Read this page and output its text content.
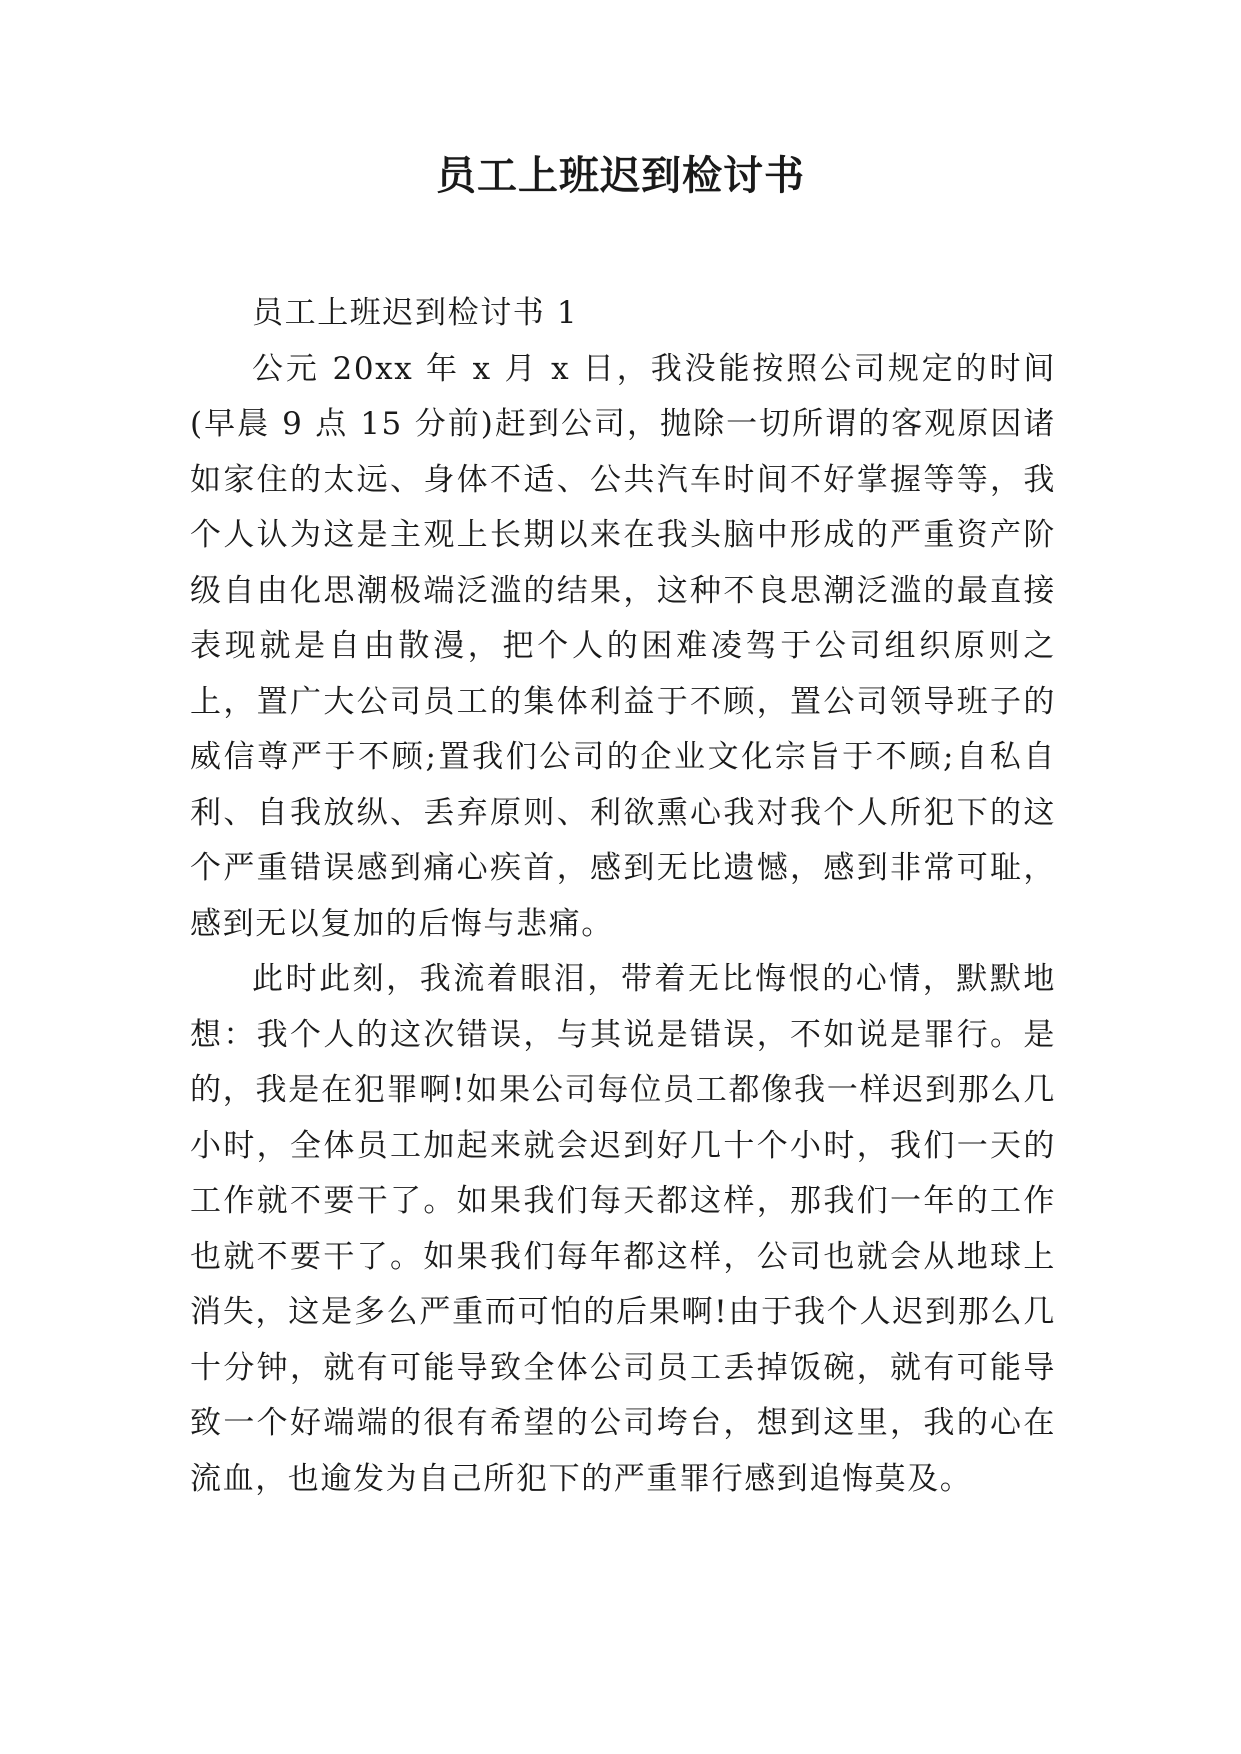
员工上班迟到检讨书

员工上班迟到检讨书 1

公元 20xx 年 x 月 x 日，我没能按照公司规定的时间(早晨 9 点 15 分前)赶到公司，抛除一切所谓的客观原因诸如家住的太远、身体不适、公共汽车时间不好掌握等等，我个人认为这是主观上长期以来在我头脑中形成的严重资产阶级自由化思潮极端泛滥的结果，这种不良思潮泛滥的最直接表现就是自由散漫，把个人的困难凌驾于公司组织原则之上，置广大公司员工的集体利益于不顾，置公司领导班子的威信尊严于不顾;置我们公司的企业文化宗旨于不顾;自私自利、自我放纵、丢弃原则、利欲熏心我对我个人所犯下的这个严重错误感到痛心疾首，感到无比遗憾，感到非常可耻，感到无以复加的后悔与悲痛。

此时此刻，我流着眼泪，带着无比悔恨的心情，默默地想：我个人的这次错误，与其说是错误，不如说是罪行。是的，我是在犯罪啊!如果公司每位员工都像我一样迟到那么几小时，全体员工加起来就会迟到好几十个小时，我们一天的工作就不要干了。如果我们每天都这样，那我们一年的工作也就不要干了。如果我们每年都这样，公司也就会从地球上消失，这是多么严重而可怕的后果啊!由于我个人迟到那么几十分钟，就有可能导致全体公司员工丢掉饭碗，就有可能导致一个好端端的很有希望的公司垮台，想到这里，我的心在流血，也逾发为自己所犯下的严重罪行感到追悔莫及。
